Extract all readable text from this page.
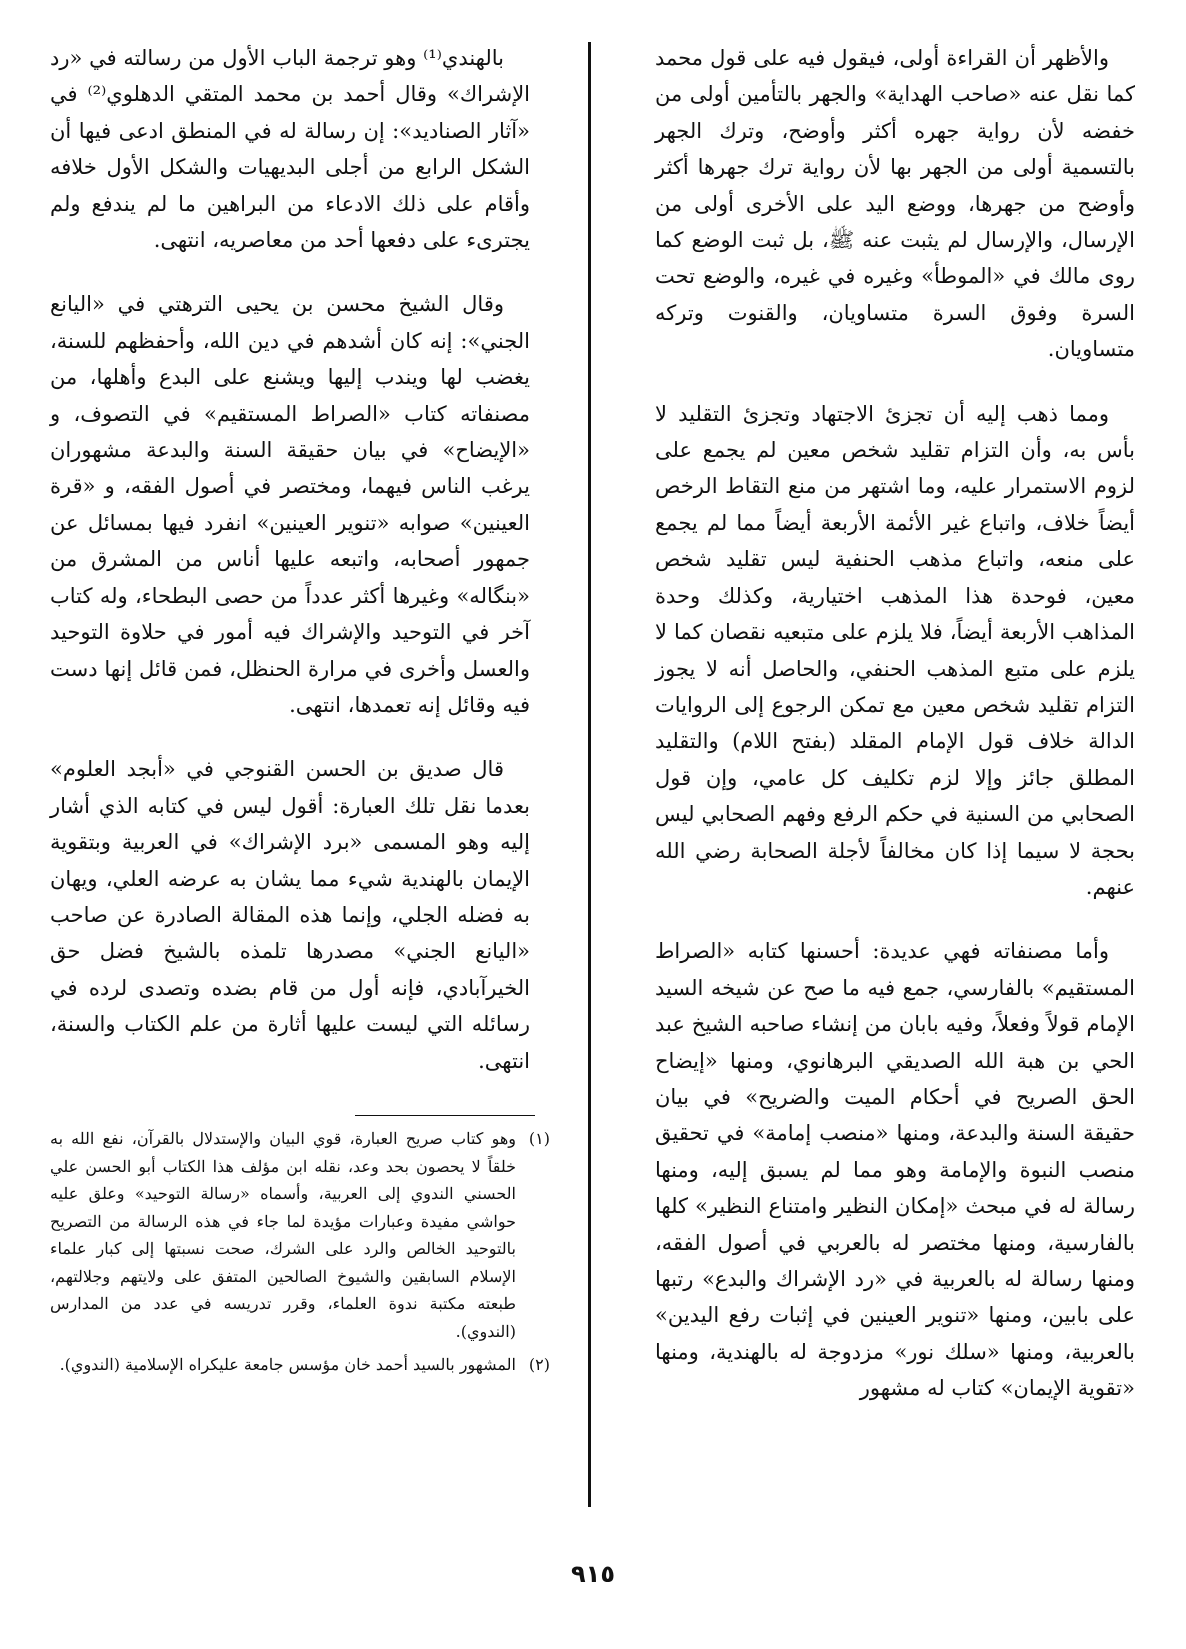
والأظهر أن القراءة أولى، فيقول فيه على قول محمد كما نقل عنه «صاحب الهداية» والجهر بالتأمين أولى من خفضه لأن رواية جهره أكثر وأوضح، وترك الجهر بالتسمية أولى من الجهر بها لأن رواية ترك جهرها أكثر وأوضح من جهرها، ووضع اليد على الأخرى أولى من الإرسال، والإرسال لم يثبت عنه ﷺ، بل ثبت الوضع كما روى مالك في «الموطأ» وغيره في غيره، والوضع تحت السرة وفوق السرة متساويان، والقنوت وتركه متساويان.

ومما ذهب إليه أن تجزئ الاجتهاد وتجزئ التقليد لا بأس به، وأن التزام تقليد شخص معين لم يجمع على لزوم الاستمرار عليه، وما اشتهر من منع التقاط الرخص أيضاً خلاف، واتباع غير الأئمة الأربعة أيضاً مما لم يجمع على منعه، واتباع مذهب الحنفية ليس تقليد شخص معين، فوحدة هذا المذهب اختيارية، وكذلك وحدة المذاهب الأربعة أيضاً، فلا يلزم على متبعيه نقصان كما لا يلزم على متبع المذهب الحنفي، والحاصل أنه لا يجوز التزام تقليد شخص معين مع تمكن الرجوع إلى الروايات الدالة خلاف قول الإمام المقلد (بفتح اللام) والتقليد المطلق جائز وإلا لزم تكليف كل عامي، وإن قول الصحابي من السنية في حكم الرفع وفهم الصحابي ليس بحجة لا سيما إذا كان مخالفاً لأجلة الصحابة رضي الله عنهم.

وأما مصنفاته فهي عديدة: أحسنها كتابه «الصراط المستقيم» بالفارسي، جمع فيه ما صح عن شيخه السيد الإمام قولاً وفعلاً، وفيه بابان من إنشاء صاحبه الشيخ عبد الحي بن هبة الله الصديقي البرهانوي، ومنها «إيضاح الحق الصريح في أحكام الميت والضريح» في بيان حقيقة السنة والبدعة، ومنها «منصب إمامة» في تحقيق منصب النبوة والإمامة وهو مما لم يسبق إليه، ومنها رسالة له في مبحث «إمكان النظير وامتناع النظير» كلها بالفارسية، ومنها مختصر له بالعربي في أصول الفقه، ومنها رسالة له بالعربية في «رد الإشراك والبدع» رتبها على بابين، ومنها «تنوير العينين في إثبات رفع اليدين» بالعربية، ومنها «سلك نور» مزدوجة له بالهندية، ومنها «تقوية الإيمان» كتاب له مشهور

بالهندي⁽¹⁾ وهو ترجمة الباب الأول من رسالته في «رد الإشراك» وقال أحمد بن محمد المتقي الدهلوي⁽²⁾ في «آثار الصناديد»: إن رسالة له في المنطق ادعى فيها أن الشكل الرابع من أجلى البديهيات والشكل الأول خلافه وأقام على ذلك الادعاء من البراهين ما لم يندفع ولم يجترىء على دفعها أحد من معاصريه، انتهى.

وقال الشيخ محسن بن يحيى الترهتي في «اليانع الجني»: إنه كان أشدهم في دين الله، وأحفظهم للسنة، يغضب لها ويندب إليها ويشنع على البدع وأهلها، من مصنفاته كتاب «الصراط المستقيم» في التصوف، و «الإيضاح» في بيان حقيقة السنة والبدعة مشهوران يرغب الناس فيهما، ومختصر في أصول الفقه، و «قرة العينين» صوابه «تنوير العينين» انفرد فيها بمسائل عن جمهور أصحابه، واتبعه عليها أناس من المشرق من «بنگاله» وغيرها أكثر عدداً من حصى البطحاء، وله كتاب آخر في التوحيد والإشراك فيه أمور في حلاوة التوحيد والعسل وأخرى في مرارة الحنظل، فمن قائل إنها دست فيه وقائل إنه تعمدها، انتهى.

قال صديق بن الحسن القنوجي في «أبجد العلوم» بعدما نقل تلك العبارة: أقول ليس في كتابه الذي أشار إليه وهو المسمى «برد الإشراك» في العربية وبتقوية الإيمان بالهندية شيء مما يشان به عرضه العلي، ويهان به فضله الجلي، وإنما هذه المقالة الصادرة عن صاحب «اليانع الجني» مصدرها تلمذه بالشيخ فضل حق الخيرآبادي، فإنه أول من قام بضده وتصدى لرده في رسائله التي ليست عليها أثارة من علم الكتاب والسنة، انتهى.

(١)
وهو كتاب صريح العبارة، قوي البيان والإستدلال بالقرآن، نفع الله به خلقاً لا يحصون بحد وعد، نقله ابن مؤلف هذا الكتاب أبو الحسن علي الحسني الندوي إلى العربية، وأسماه «رسالة التوحيد» وعلق عليه حواشي مفيدة وعبارات مؤيدة لما جاء في هذه الرسالة من التصريح بالتوحيد الخالص والرد على الشرك، صحت نسبتها إلى كبار علماء الإسلام السابقين والشيوخ الصالحين المتفق على ولايتهم وجلالتهم، طبعته مكتبة ندوة العلماء، وقرر تدريسه في عدد من المدارس (الندوي).
(٢)
المشهور بالسيد أحمد خان مؤسس جامعة عليكراه الإسلامية (الندوي).
٩١٥
